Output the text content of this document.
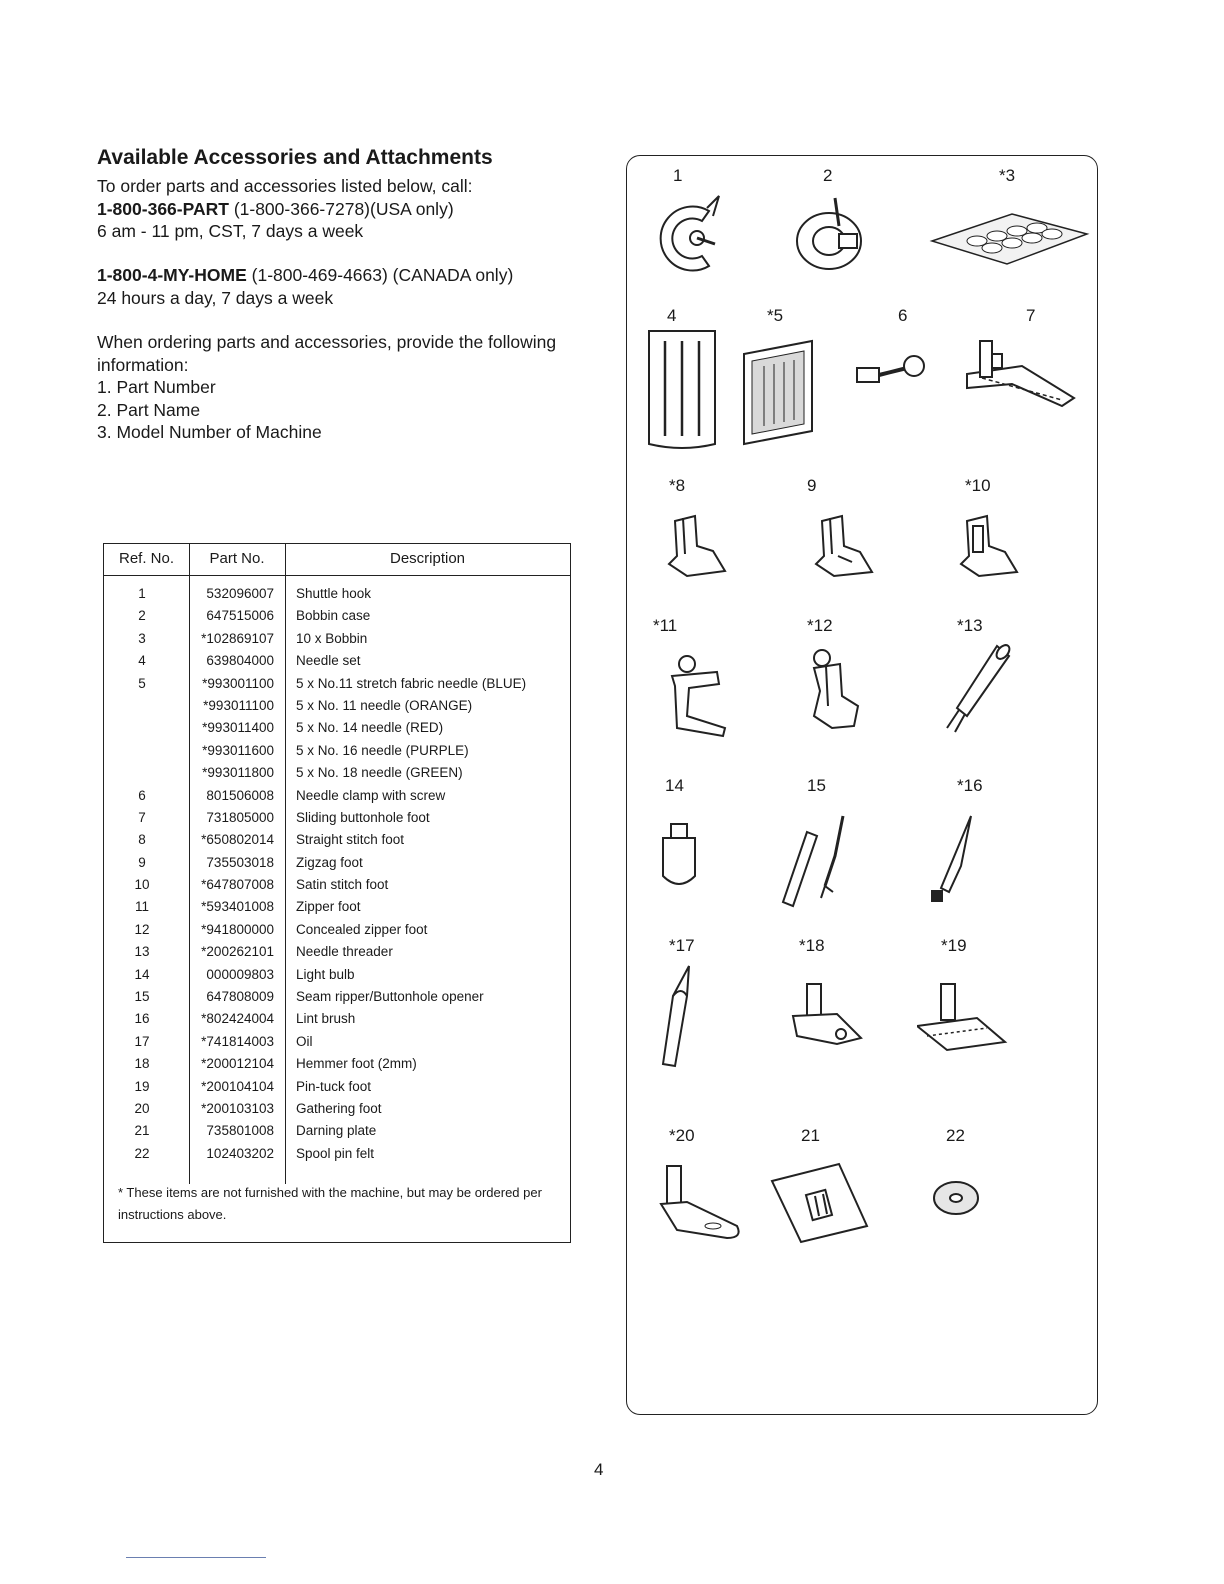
Available Accessories and Attachments
To order parts and accessories listed below, call:
1-800-366-PART (1-800-366-7278)(USA only)
6 am - 11 pm, CST, 7 days a week
1-800-4-MY-HOME (1-800-469-4663) (CANADA only)
24 hours a day, 7 days a week

When ordering parts and accessories, provide the following information:

1. Part Number
2. Part Name
3. Model Number of Machine
Ref. No.	Part No.	Description
1	532096007 Shuttle hook
2	647515006 Bobbin case
3	*102869107 10 x Bobbin
4	639804000 Needle set
5	*993001100 5 x No.11 stretch fabric needle (BLUE)
*993011100 5 x No. 11 needle (ORANGE)
*993011400 5 x No. 14 needle (RED)
*993011600 5 x No. 16 needle (PURPLE)
*993011800 5 x No. 18 needle (GREEN)
6	801506008 Needle clamp with screw
7	731805000 Sliding buttonhole foot
8	*650802014 Straight stitch foot
9	735503018 Zigzag foot
10	*647807008 Satin stitch foot
11	*593401008 Zipper foot
12	*941800000 Concealed zipper foot
13	*200262101 Needle threader
14	000009803 Light bulb
15	647808009 Seam ripper/Buttonhole opener
16	*802424004 Lint brush
17	*741814003 Oil
18	*200012104 Hemmer foot (2mm)
19	*200104104 Pin-tuck foot
20	*200103103 Gathering foot
21	735801008 Darning plate
22	102403202 Spool pin felt
* These items are not furnished with the machine, but may be ordered per instructions above.
1	2	*3
4	*5	6	7
*8	9	*10
*11	*12	*13
14	15	*16
*17	*18	*19
*20	21	22
4
